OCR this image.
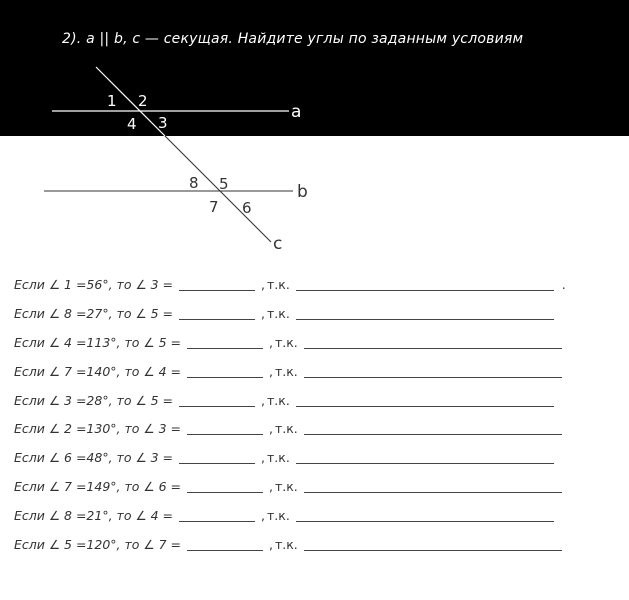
2). a || b, c — секущая. Найдите углы по заданным условиям
a
b
c
1 2
4 3
8 5
7 6
Если ∠ 1 =56°, то ∠ 3 =	, т.к.	.
Если ∠ 8 =27°, то ∠ 5 =	, т.к.
Если ∠ 4 =113°, то ∠ 5 =	, т.к.
Если ∠ 7 =140°, то ∠ 4 =	, т.к.
Если ∠ 3 =28°, то ∠ 5 =	, т.к.
Если ∠ 2 =130°, то ∠ 3 =	, т.к.
Если ∠ 6 =48°, то ∠ 3 =	, т.к.
Если ∠ 7 =149°, то ∠ 6 =	, т.к.
Если ∠ 8 =21°, то ∠ 4 =	, т.к.
Если ∠ 5 =120°, то ∠ 7 =	, т.к.
